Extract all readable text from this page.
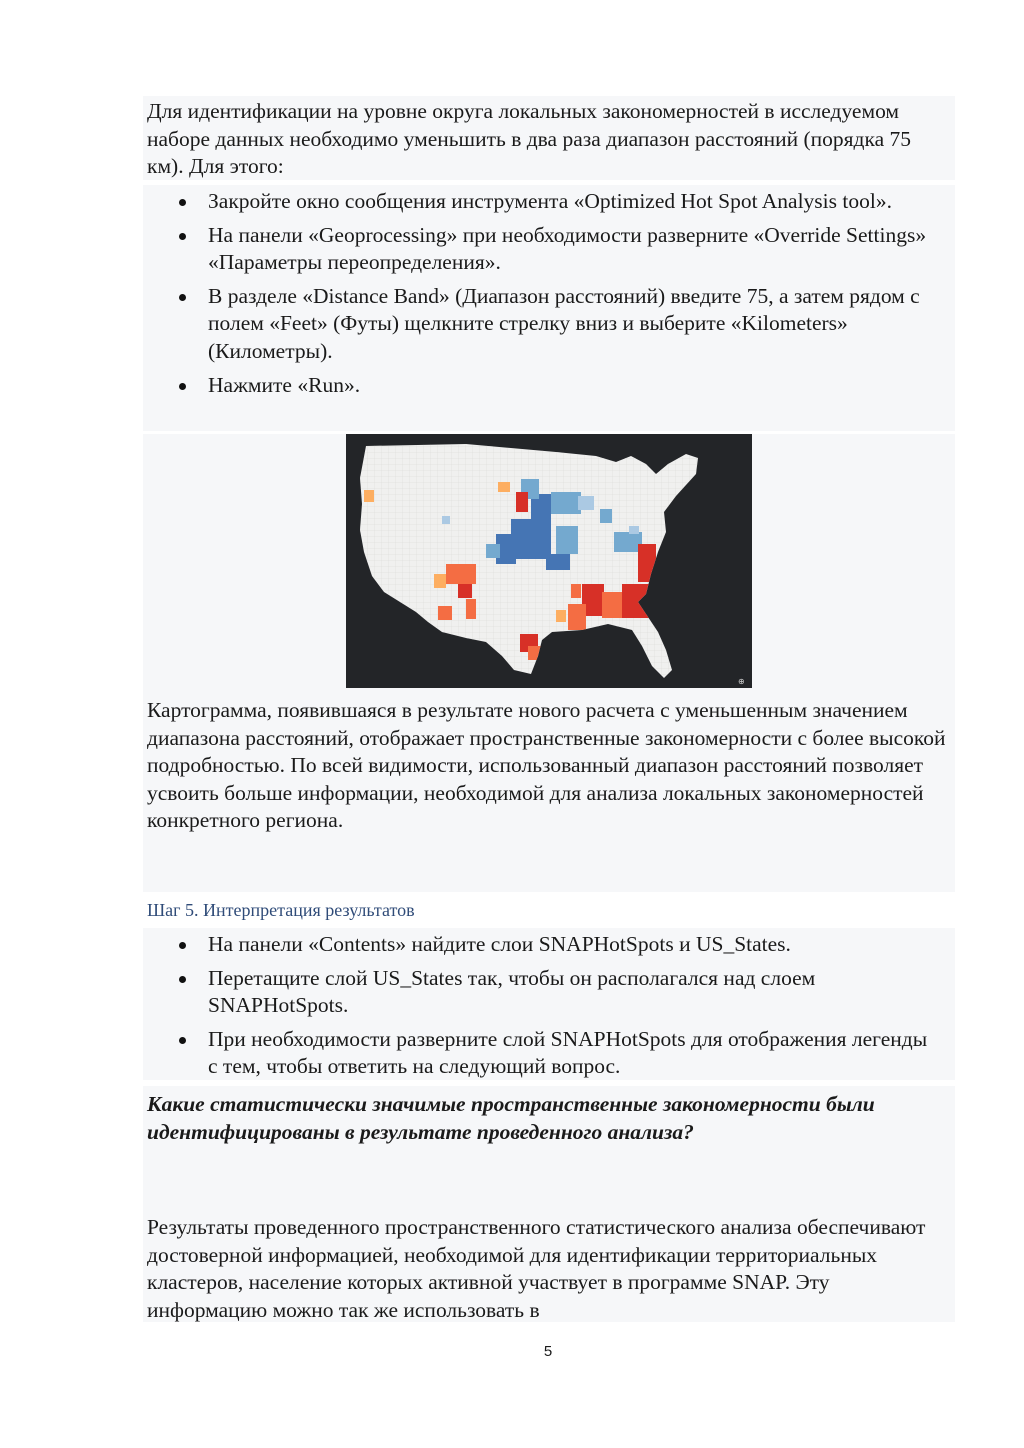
Для идентификации на уровне округа локальных закономерностей в исследуемом наборе данных необходимо уменьшить в два раза диапазон расстояний (порядка 75 км). Для этого:

Закройте окно сообщения инструмента «Optimized Hot Spot Analysis tool».
На панели «Geoprocessing» при необходимости разверните «Override Settings» «Параметры переопределения».
В разделе «Distance Band» (Диапазон расстояний) введите 75, а затем рядом с полем «Feet» (Футы) щелкните стрелку вниз и выберите «Kilometers» (Километры).
Нажмите «Run».
⊕

Картограмма, появившаяся в результате нового расчета с уменьшенным значением диапазона расстояний, отображает пространственные закономерности с более высокой подробностью. По всей видимости, использованный диапазон расстояний позволяет усвоить больше информации, необходимой для анализа локальных закономерностей конкретного региона.

Шаг 5. Интерпретация результатов

На панели «Contents» найдите слои SNAPHotSpots и US_States.
Перетащите слой US_States так, чтобы он располагался над слоем SNAPHotSpots.
При необходимости разверните слой SNAPHotSpots для отображения легенды с тем, чтобы ответить на следующий вопрос.

Какие статистически значимые пространственные закономерности были идентифицированы в результате проведенного анализа?

Результаты проведенного пространственного статистического анализа обеспечивают достоверной информацией, необходимой для идентификации территориальных кластеров, население которых активной участвует в программе SNAP. Эту информацию можно так же использовать в

5
